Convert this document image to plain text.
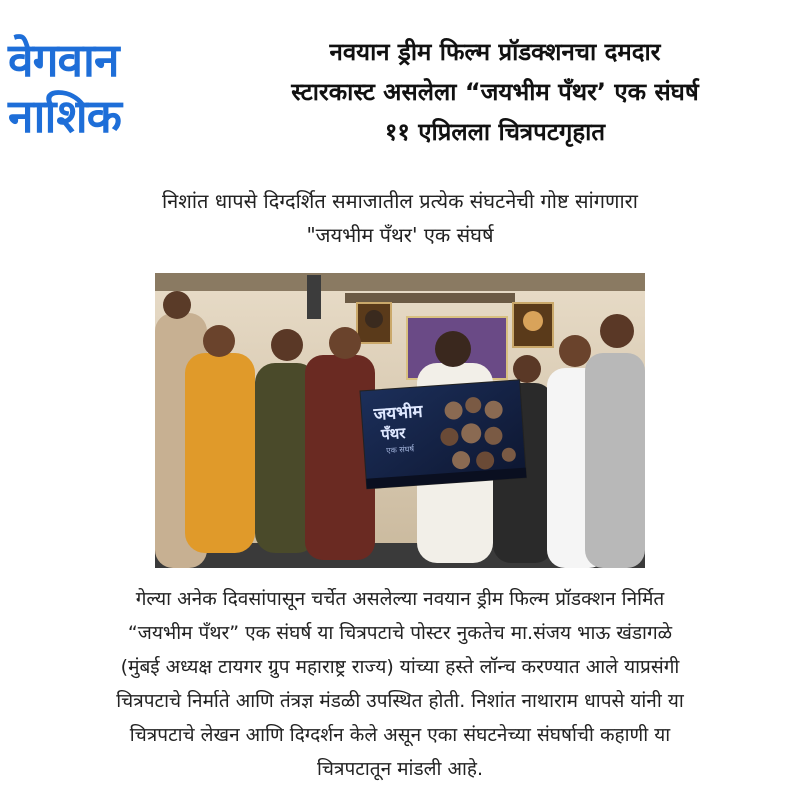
वेगवान
नाशिक
नवयान ड्रीम फिल्म प्रॉडक्शनचा दमदार
स्टारकास्ट असलेला “जयभीम पँथर’ एक संघर्ष
११ एप्रिलला चित्रपटगृहात
निशांत धापसे दिग्दर्शित समाजातील प्रत्येक संघटनेची गोष्ट सांगणारा
"जयभीम पँथर' एक संघर्ष
जयभीम
पँथर
एक संघर्ष
गेल्या अनेक दिवसांपासून चर्चेत असलेल्या नवयान ड्रीम फिल्म प्रॉडक्शन निर्मित
“जयभीम पँथर” एक संघर्ष या चित्रपटाचे पोस्टर नुकतेच मा.संजय भाऊ खंडागळे
(मुंबई अध्यक्ष टायगर ग्रुप महाराष्ट्र राज्य) यांच्या हस्ते लॉन्च करण्यात आले याप्रसंगी
चित्रपटाचे निर्माते आणि तंत्रज्ञ मंडळी उपस्थित होती. निशांत नाथाराम धापसे यांनी या
चित्रपटाचे लेखन आणि दिग्दर्शन केले असून एका संघटनेच्या संघर्षाची कहाणी या
चित्रपटातून मांडली आहे.
